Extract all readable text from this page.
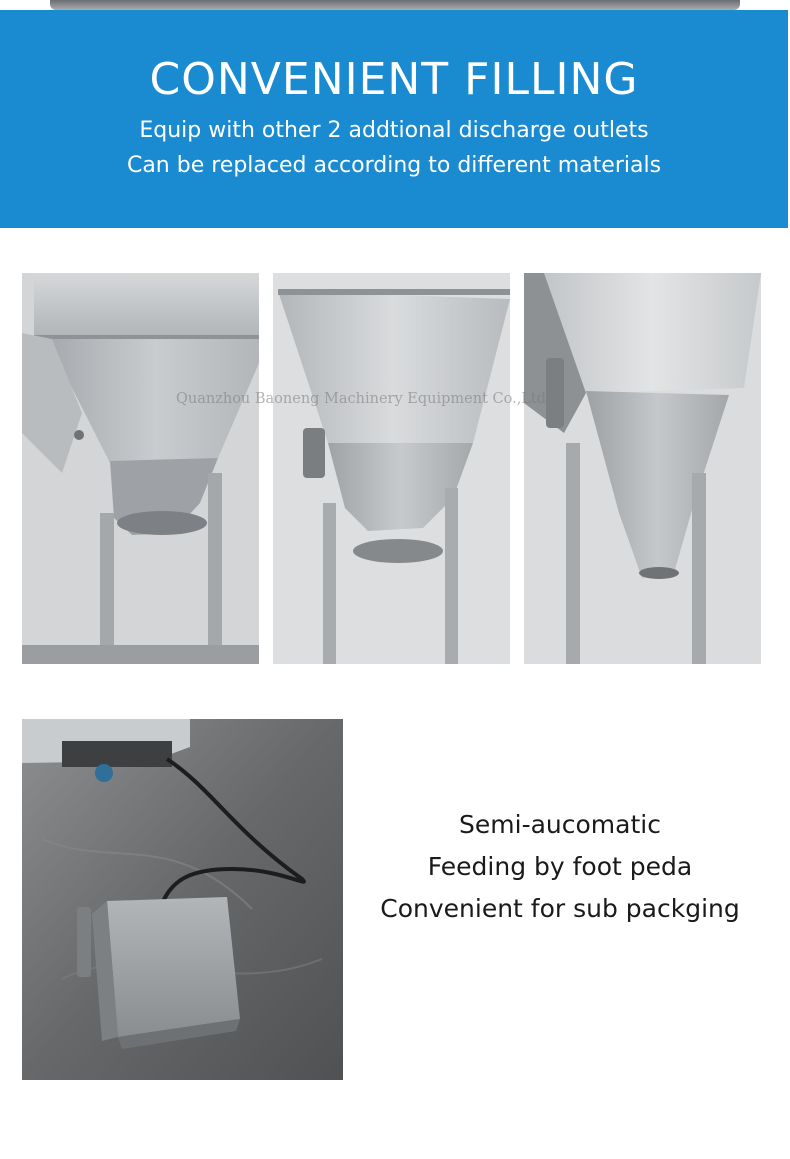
CONVENIENT FILLING
Equip with other 2 addtional discharge outlets
Can be replaced according to different materials
Quanzhou Baoneng Machinery Equipment Co.,Ltd
Semi-aucomatic
Feeding by foot peda
Convenient for sub packging
